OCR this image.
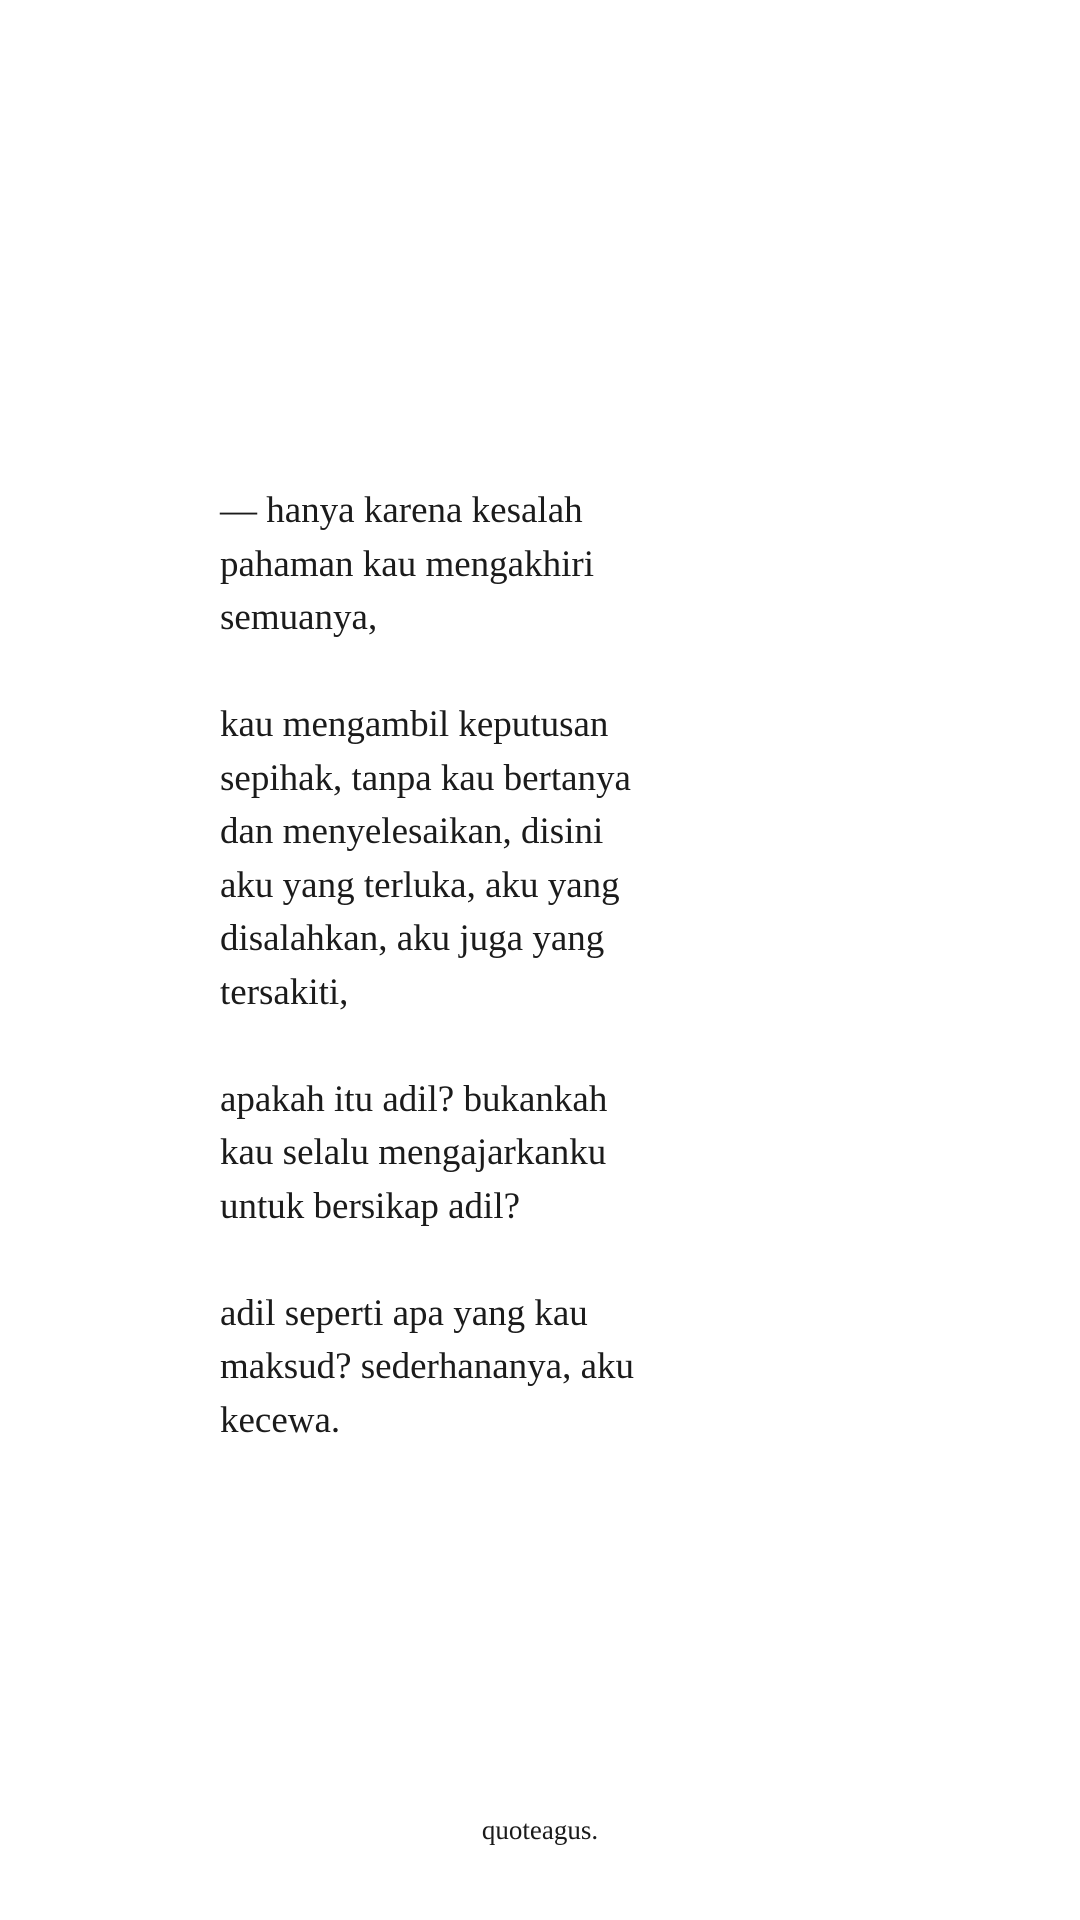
— hanya karena kesalah
pahaman kau mengakhiri
semuanya,
kau mengambil keputusan
sepihak, tanpa kau bertanya
dan menyelesaikan, disini
aku yang terluka, aku yang
disalahkan, aku juga yang
tersakiti,
apakah itu adil? bukankah
kau selalu mengajarkanku
untuk bersikap adil?
adil seperti apa yang kau
maksud? sederhananya, aku
kecewa.
quoteagus.
